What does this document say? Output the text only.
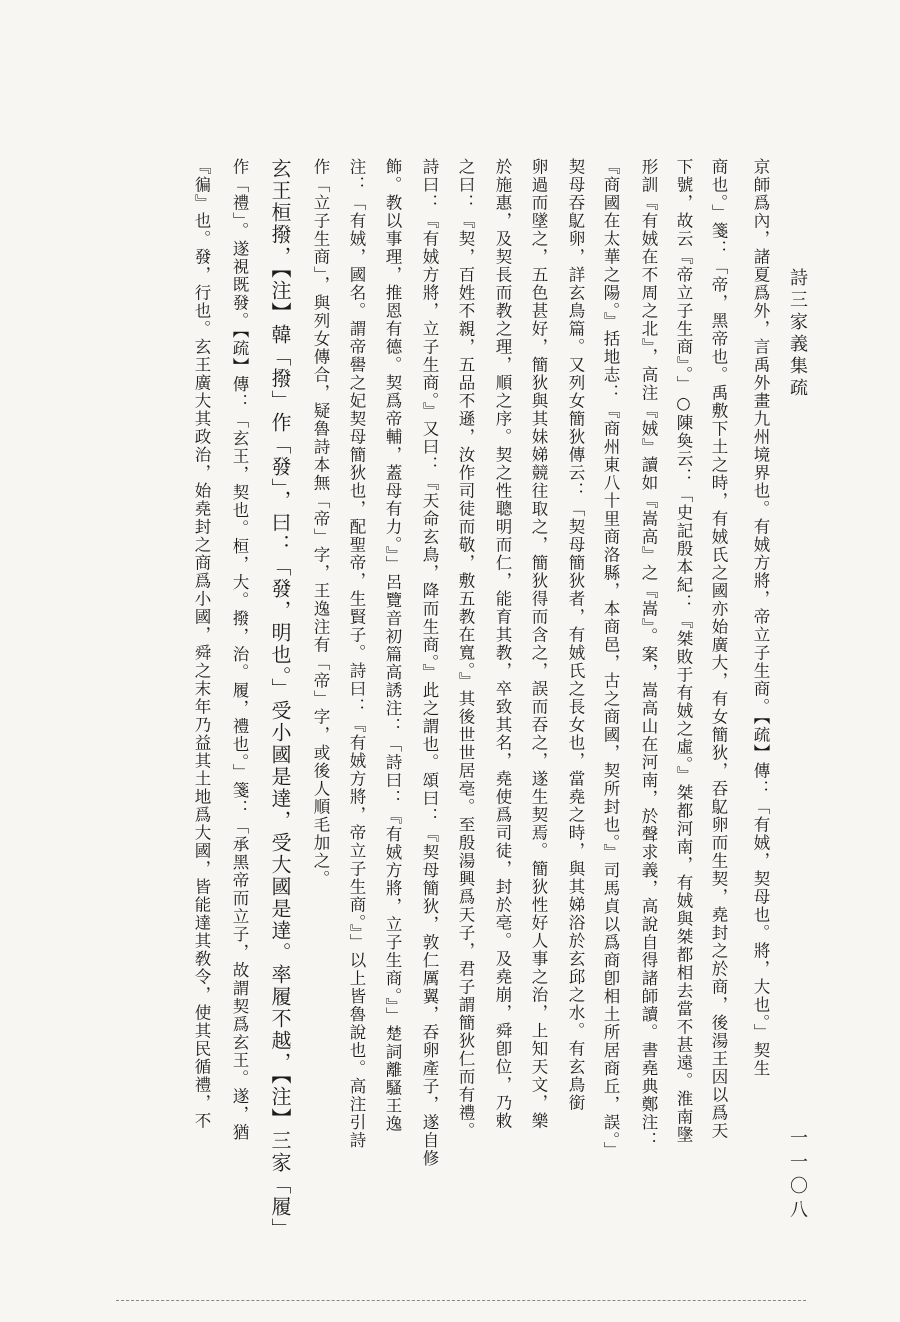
詩三家義集疏
一一〇八
京師爲內，諸夏爲外，言禹外畫九州境界也。有娀方將，帝立子生商。【疏】傳：「有娀，契母也。將，大也。」契生
商也。」箋：「帝，黑帝也。禹敷下土之時，有娀氏之國亦始廣大，有女簡狄，吞鳦卵而生契，堯封之於商，後湯王因以爲天
下號，故云『帝立子生商』。」○陳奐云：「史記殷本紀：『桀敗于有娀之虛。』桀都河南，有娀與桀都相去當不甚遠。淮南墬
形訓『有娀在不周之北』，高注『娀』讀如『嵩高』之『嵩』。案，嵩高山在河南，於聲求義，高說自得諸師讀。書堯典鄭注：
『商國在太華之陽。』括地志：『商州東八十里商洛縣，本商邑，古之商國，契所封也。』司馬貞以爲商卽相土所居商丘，誤。」
契母吞鳦卵，詳玄鳥篇。又列女簡狄傳云：「契母簡狄者，有娀氏之長女也，當堯之時，與其娣浴於玄邱之水。有玄鳥銜
卵過而墜之，五色甚好，簡狄與其妹娣競往取之，簡狄得而含之，誤而吞之，遂生契焉。簡狄性好人事之治，上知天文，樂
於施惠，及契長而教之理，順之序。契之性聰明而仁，能育其教，卒致其名，堯使爲司徒，封於亳。及堯崩，舜卽位，乃敕
之曰：『契，百姓不親，五品不遜，汝作司徒而敬，敷五教在寬。』其後世世居亳。至殷湯興爲天子，君子謂簡狄仁而有禮。
詩曰：『有娀方將，立子生商。』又曰：『天命玄鳥，降而生商。』此之謂也。頌曰：『契母簡狄，敦仁厲翼，吞卵產子，遂自修
飾。教以事理，推恩有德。契爲帝輔，蓋母有力。』」呂覽音初篇高誘注：「詩曰：『有娀方將，立子生商。』」楚詞離騷王逸
注：「有娀，國名。謂帝嚳之妃契母簡狄也，配聖帝，生賢子。詩曰：『有娀方將，帝立子生商。』」以上皆魯說也。高注引詩
作「立子生商」，與列女傳合，疑魯詩本無「帝」字，王逸注有「帝」字，或後人順毛加之。
玄王桓撥，【注】韓「撥」作「發」，曰：「發，明也。」受小國是達，受大國是達。率履不越，【注】三家「履」
作「禮」。遂視既發。【疏】傳：「玄王，契也。桓，大。撥，治。履，禮也。」箋：「承黑帝而立子，故謂契爲玄王。遂，猶
『徧』也。發，行也。玄王廣大其政治，始堯封之商爲小國，舜之末年乃益其土地爲大國，皆能達其敎令，使其民循禮，不
